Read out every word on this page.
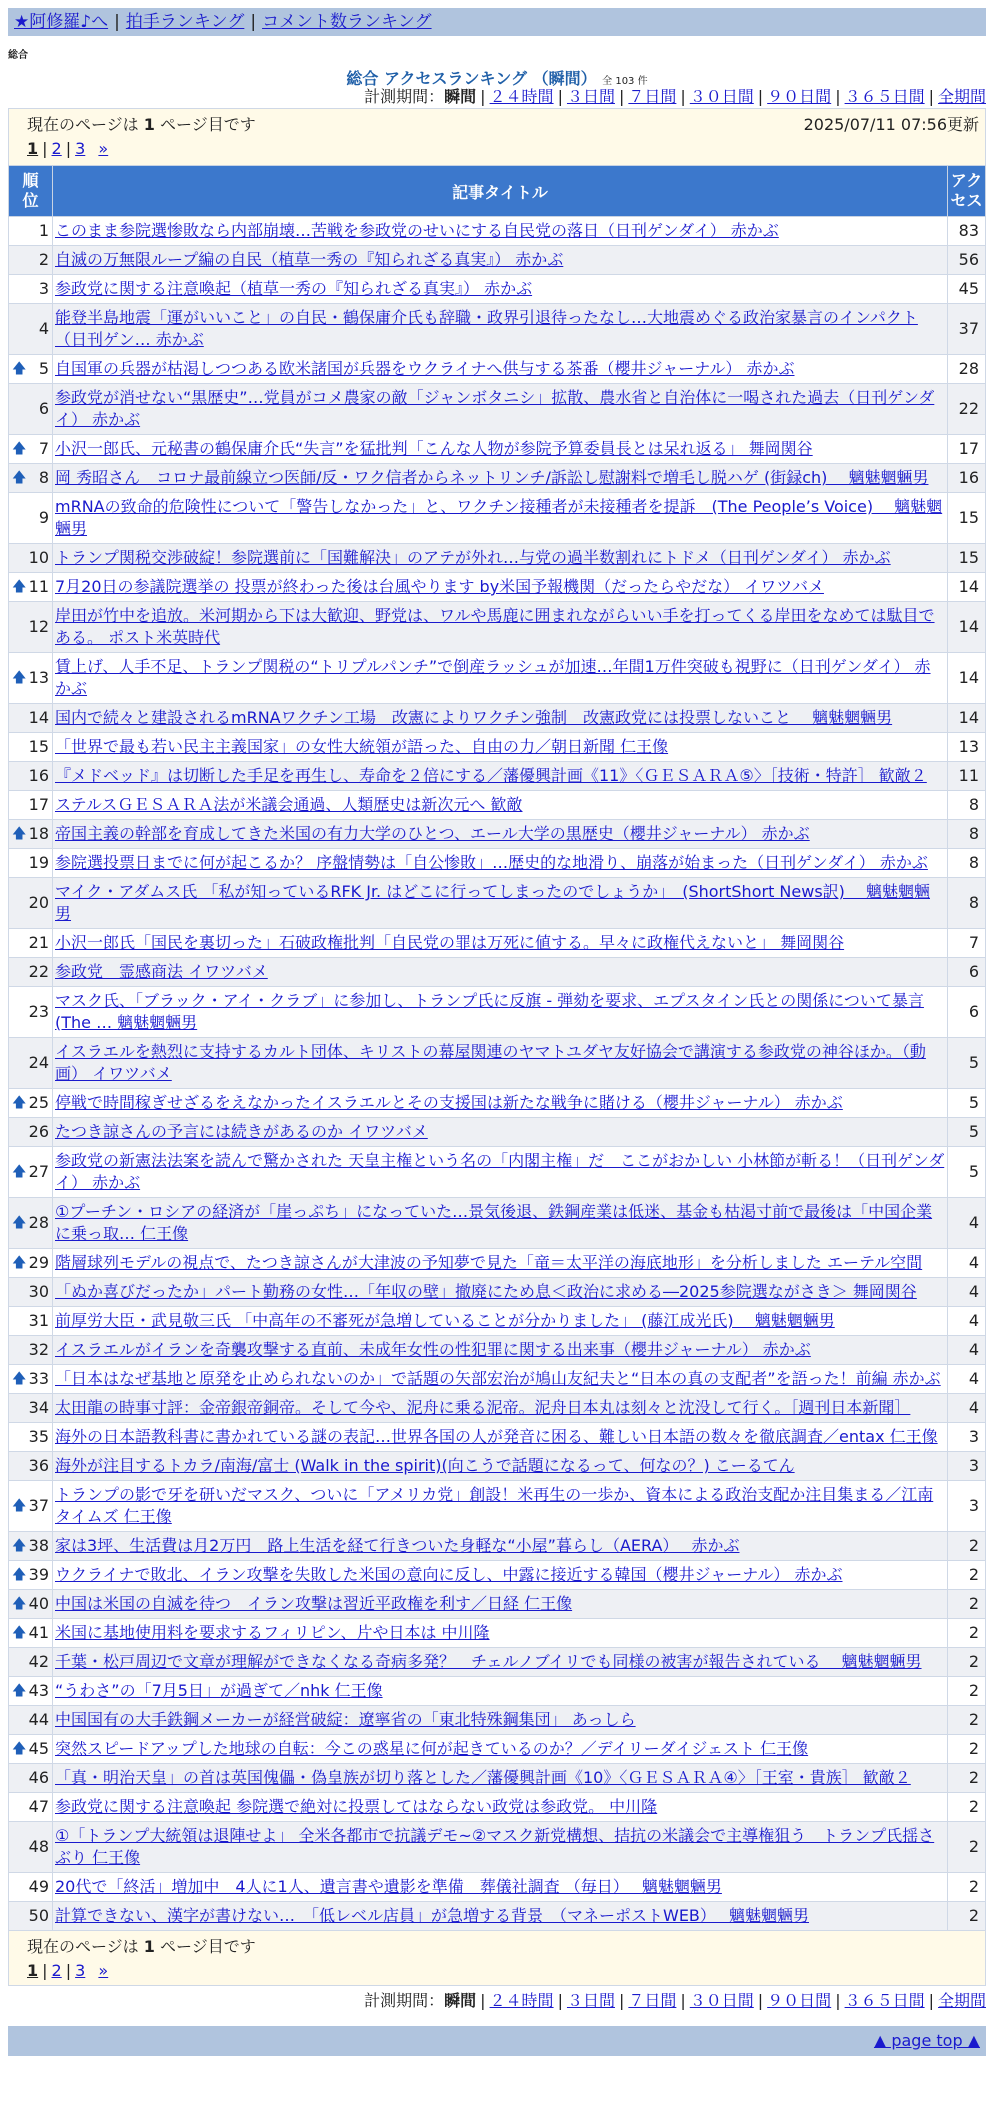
★阿修羅♪へ | 拍手ランキング | コメント数ランキング
総合
総合 アクセスランキング （瞬間） 全 103 件
計測期間：瞬間 | ２４時間 | ３日間 | ７日間 | ３０日間 | ９０日間 | ３６５日間 | 全期間
現在のページは 1 ページ目です	2025/07/11 07:56更新
1 | 2 | 3 »
順位	記事タイトル	アクセス
1	このまま参院選惨敗なら内部崩壊…苦戦を参政党のせいにする自民党の落日（日刊ゲンダイ） 赤かぶ	83
2	自滅の万無限ループ編の自民（植草一秀の『知られざる真実』） 赤かぶ	56
3	参政党に関する注意喚起（植草一秀の『知られざる真実』） 赤かぶ	45
4	能登半島地震「運がいいこと」の自民・鶴保庸介氏も辞職・政界引退待ったなし…大地震めぐる政治家暴言のインパクト（日刊ゲン… 赤かぶ	37

🡅 5	自国軍の兵器が枯渇しつつある欧米諸国が兵器をウクライナへ供与する茶番（櫻井ジャーナル） 赤かぶ	28
6	参政党が消せない“黒歴史”…党員がコメ農家の敵「ジャンボタニシ」拡散、農水省と自治体に一喝された過去（日刊ゲンダイ） 赤かぶ	22

🡅 7	小沢一郎氏、元秘書の鶴保庸介氏“失言”を猛批判「こんな人物が参院予算委員長とは呆れ返る」 舞岡関谷	17

🡅 8	岡 秀昭さん　コロナ最前線立つ医師/反・ワク信者からネットリンチ/訴訟し慰謝料で増毛し脱ハゲ (街録ch)　 魑魅魍魎男	16
9	mRNAの致命的危険性について「警告しなかった」と、ワクチン接種者が未接種者を提訴　(The People’s Voice)　 魑魅魍魎男	15
10	トランプ関税交渉破綻！参院選前に「国難解決」のアテが外れ…与党の過半数割れにトドメ（日刊ゲンダイ） 赤かぶ	15

🡅 11	7月20日の参議院選挙の 投票が終わった後は台風やります by米国予報機関（だったらやだな） イワツバメ	14
12	岸田が竹中を追放。米河期から下は大歓迎、野党は、ワルや馬鹿に囲まれながらいい手を打ってくる岸田をなめては駄目である。 ポスト米英時代	14

🡅 13	賃上げ、人手不足、トランプ関税の“トリプルパンチ”で倒産ラッシュが加速…年間1万件突破も視野に（日刊ゲンダイ） 赤かぶ	14
14	国内で続々と建設されるmRNAワクチン工場　改憲によりワクチン強制　改憲政党には投票しないこと　 魑魅魍魎男	14
15	「世界で最も若い民主主義国家」の女性大統領が語った、自由の力／朝日新聞 仁王像	13
16	『メドベッド』は切断した手足を再生し、寿命を２倍にする／藩優興計画《11》〈ＧＥＳＡＲＡ⑤〉［技術・特許］ 歓敵２	11
17	ステルスＧＥＳＡＲＡ法が米議会通過、人類歴史は新次元へ 歓敵	8

🡅 18	帝国主義の幹部を育成してきた米国の有力大学のひとつ、エール大学の黒歴史（櫻井ジャーナル） 赤かぶ	8
19	参院選投票日までに何が起こるか？ 序盤情勢は「自公惨敗」…歴史的な地滑り、崩落が始まった（日刊ゲンダイ） 赤かぶ	8
20	マイク・アダムス氏 「私が知っているRFK Jr. はどこに行ってしまったのでしょうか」　(ShortShort News訳)　 魑魅魍魎男	8
21	小沢一郎氏「国民を裏切った」石破政権批判「自民党の罪は万死に値する。早々に政権代えないと」 舞岡関谷	7
22	参政党　霊感商法 イワツバメ	6
23	マスク氏、「ブラック・アイ・クラブ」に参加し、トランプ氏に反旗 - 弾劾を要求、エプスタイン氏との関係について暴言 (The … 魑魅魍魎男	6
24	イスラエルを熱烈に支持するカルト団体、キリストの幕屋関連のヤマトユダヤ友好協会で講演する参政党の神谷ほか。（動画） イワツバメ	5

🡅 25	停戦で時間稼ぎせざるをえなかったイスラエルとその支援国は新たな戦争に賭ける（櫻井ジャーナル） 赤かぶ	5
26	たつき諒さんの予言には続きがあるのか イワツバメ	5

🡅 27	参政党の新憲法法案を読んで驚かされた 天皇主権という名の「内閣主権」だ　ここがおかしい 小林節が斬る！（日刊ゲンダイ） 赤かぶ	5

🡅 28	①プーチン・ロシアの経済が「崖っぷち」になっていた…景気後退、鉄鋼産業は低迷、基金も枯渇寸前で最後は「中国企業に乗っ取… 仁王像	4

🡅 29	階層球列モデルの視点で、たつき諒さんが大津波の予知夢で見た「竜＝太平洋の海底地形」を分析しました エーテル空間	4
30	「ぬか喜びだったか」パート勤務の女性…「年収の壁」撤廃にため息＜政治に求める―2025参院選ながさき＞ 舞岡関谷	4
31	前厚労大臣・武見敬三氏 「中高年の不審死が急増していることが分かりました」 (藤江成光氏)　 魑魅魍魎男	4
32	イスラエルがイランを奇襲攻撃する直前、未成年女性の性犯罪に関する出来事（櫻井ジャーナル） 赤かぶ	4

🡅 33	「日本はなぜ基地と原発を止められないのか」で話題の矢部宏治が鳩山友紀夫と“日本の真の支配者”を語った！前編 赤かぶ	4
34	太田龍の時事寸評：金帝銀帝銅帝。そして今や、泥舟に乗る泥帝。泥舟日本丸は刻々と沈没して行く。［週刊日本新聞］	4
35	海外の日本語教科書に書かれている謎の表記…世界各国の人が発音に困る、難しい日本語の数々を徹底調査／entax 仁王像	3
36	海外が注目するトカラ/南海/富士 (Walk in the spirit)(向こうで話題になるって、何なの？) こーるてん	3

🡅 37	トランプの影で牙を研いだマスク、ついに「アメリカ党」創設！米再生の一歩か、資本による政治支配か注目集まる／江南タイムズ 仁王像	3

🡅 38	家は3坪、生活費は月2万円　路上生活を経て行きついた身軽な“小屋”暮らし（AERA）　 赤かぶ	2

🡅 39	ウクライナで敗北、イラン攻撃を失敗した米国の意向に反し、中露に接近する韓国（櫻井ジャーナル） 赤かぶ	2

🡅 40	中国は米国の自滅を待つ　イラン攻撃は習近平政権を利す／日経 仁王像	2

🡅 41	米国に基地使用料を要求するフィリピン、片や日本は 中川隆	2
42	千葉・松戸周辺で文章が理解ができなくなる奇病多発？　チェルノブイリでも同様の被害が報告されている　 魑魅魍魎男	2

🡅 43	“うわさ”の「7月5日」が過ぎて／nhk 仁王像	2
44	中国国有の大手鉄鋼メーカーが経営破綻：遼寧省の「東北特殊鋼集団」 あっしら	2

🡅 45	突然スピードアップした地球の自転：今この惑星に何が起きているのか？／デイリーダイジェスト 仁王像	2
46	「真・明治天皇」の首は英国傀儡・偽皇族が切り落とした／藩優興計画《10》〈ＧＥＳＡＲＡ④〉［王室・貴族］ 歓敵２	2
47	参政党に関する注意喚起 参院選で絶対に投票してはならない政党は参政党。 中川隆	2
48	①「トランプ大統領は退陣せよ」 全米各都市で抗議デモ~②マスク新党構想、拮抗の米議会で主導権狙う　トランプ氏揺さぶり 仁王像	2
49	20代で「終活」増加中　4人に1人、遺言書や遺影を準備　葬儀社調査 （毎日）　 魑魅魍魎男	2
50	計算できない、漢字が書けない…　「低レベル店員」が急増する背景　（マネーポストWEB）　 魑魅魍魎男	2
現在のページは 1 ページ目です
1 | 2 | 3 »
計測期間：瞬間 | ２４時間 | ３日間 | ７日間 | ３０日間 | ９０日間 | ３６５日間 | 全期間
▲ page top ▲
